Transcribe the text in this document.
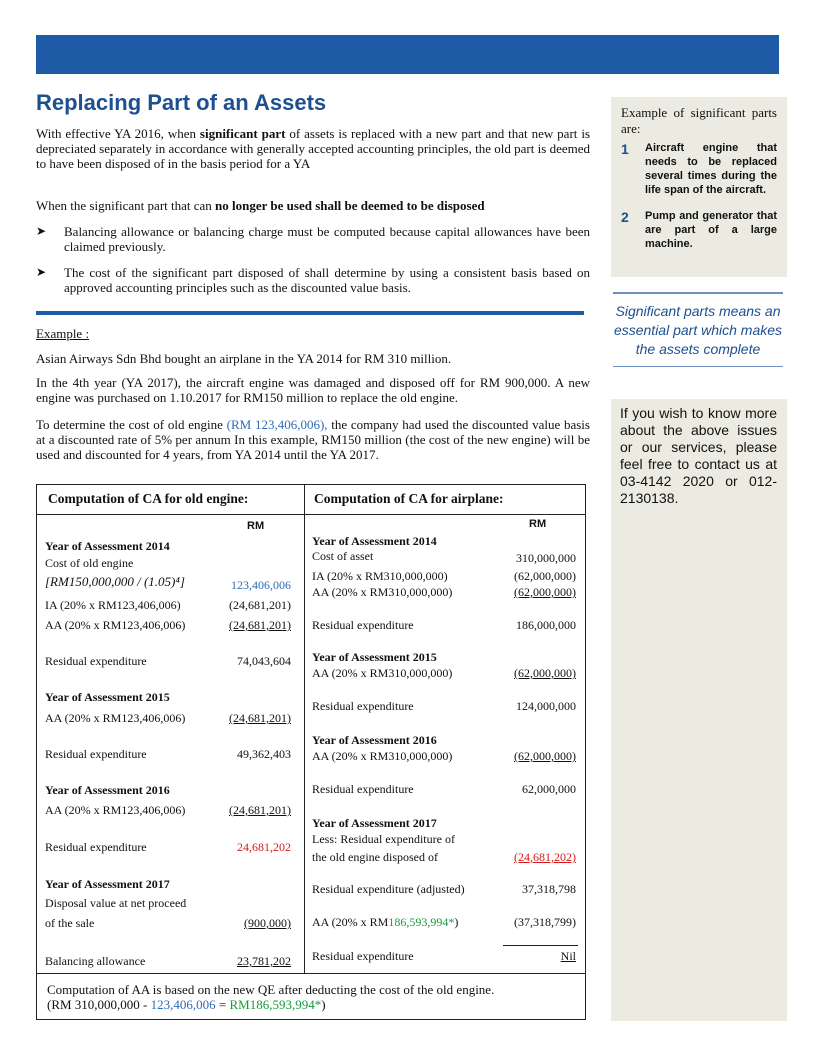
Replacing Part of an Assets
With effective YA 2016, when significant part of assets is replaced with a new part and that new part is depreciated separately in accordance with generally accepted accounting principles, the old part is deemed to have been disposed of in the basis period for a YA
When the significant part that can no longer be used shall be deemed to be disposed
➤	Balancing allowance or balancing charge must be computed because capital allowances have been claimed previously.
➤	The cost of the significant part disposed of shall determine by using a consistent basis based on approved accounting principles such as the discounted value basis.
Example :
Asian Airways Sdn Bhd bought an airplane in the YA 2014 for RM 310 million.
In the 4th year (YA 2017), the aircraft engine was damaged and disposed off for RM 900,000. A new engine was purchased on 1.10.2017 for RM150 million to replace the old engine.
To determine the cost of old engine (RM 123,406,006), the company had used the discounted value basis at a discounted rate of 5% per annum In this example, RM150 million (the cost of the new engine) will be used and discounted for 4 years, from YA 2014 until the YA 2017.
Computation of CA for old engine:	Computation of CA for airplane:
RM
Year of Assessment 2014
Cost of old engine
[RM150,000,000 / (1.05)⁴]	123,406,006
IA (20% x RM123,406,006)	(24,681,201)
AA (20% x RM123,406,006)	(24,681,201)
Residual expenditure	74,043,604
Year of Assessment 2015
AA (20% x RM123,406,006)	(24,681,201)
Residual expenditure	49,362,403
Year of Assessment 2016
AA (20% x RM123,406,006)	(24,681,201)
Residual expenditure	24,681,202
Year of Assessment 2017
Disposal value at net proceed
of the sale	(900,000)
Balancing allowance	23,781,202
RM
Year of Assessment 2014
Cost of asset	310,000,000
IA (20% x RM310,000,000)	(62,000,000)
AA (20% x RM310,000,000)	(62,000,000)
Residual expenditure	186,000,000
Year of Assessment 2015
AA (20% x RM310,000,000)	(62,000,000)
Residual expenditure	124,000,000
Year of Assessment 2016
AA (20% x RM310,000,000)	(62,000,000)
Residual expenditure	62,000,000
Year of Assessment 2017
Less: Residual expenditure of
the old engine disposed of	(24,681,202)
Residual expenditure (adjusted)	37,318,798
AA (20% x RM186,593,994*)	(37,318,799)
Residual expenditure	Nil
Computation of AA is based on the new QE after deducting the cost of the old engine.
(RM 310,000,000 - 123,406,006 = RM186,593,994*)
Example of significant parts are:
1	Aircraft engine that needs to be replaced several times during the life span of the aircraft.
2	Pump and generator that are part of a large machine.
Significant parts means an essential part which makes the assets complete
If you wish to know more about the above issues or our services, please feel free to contact us at 03-4142 2020 or 012-2130138.
